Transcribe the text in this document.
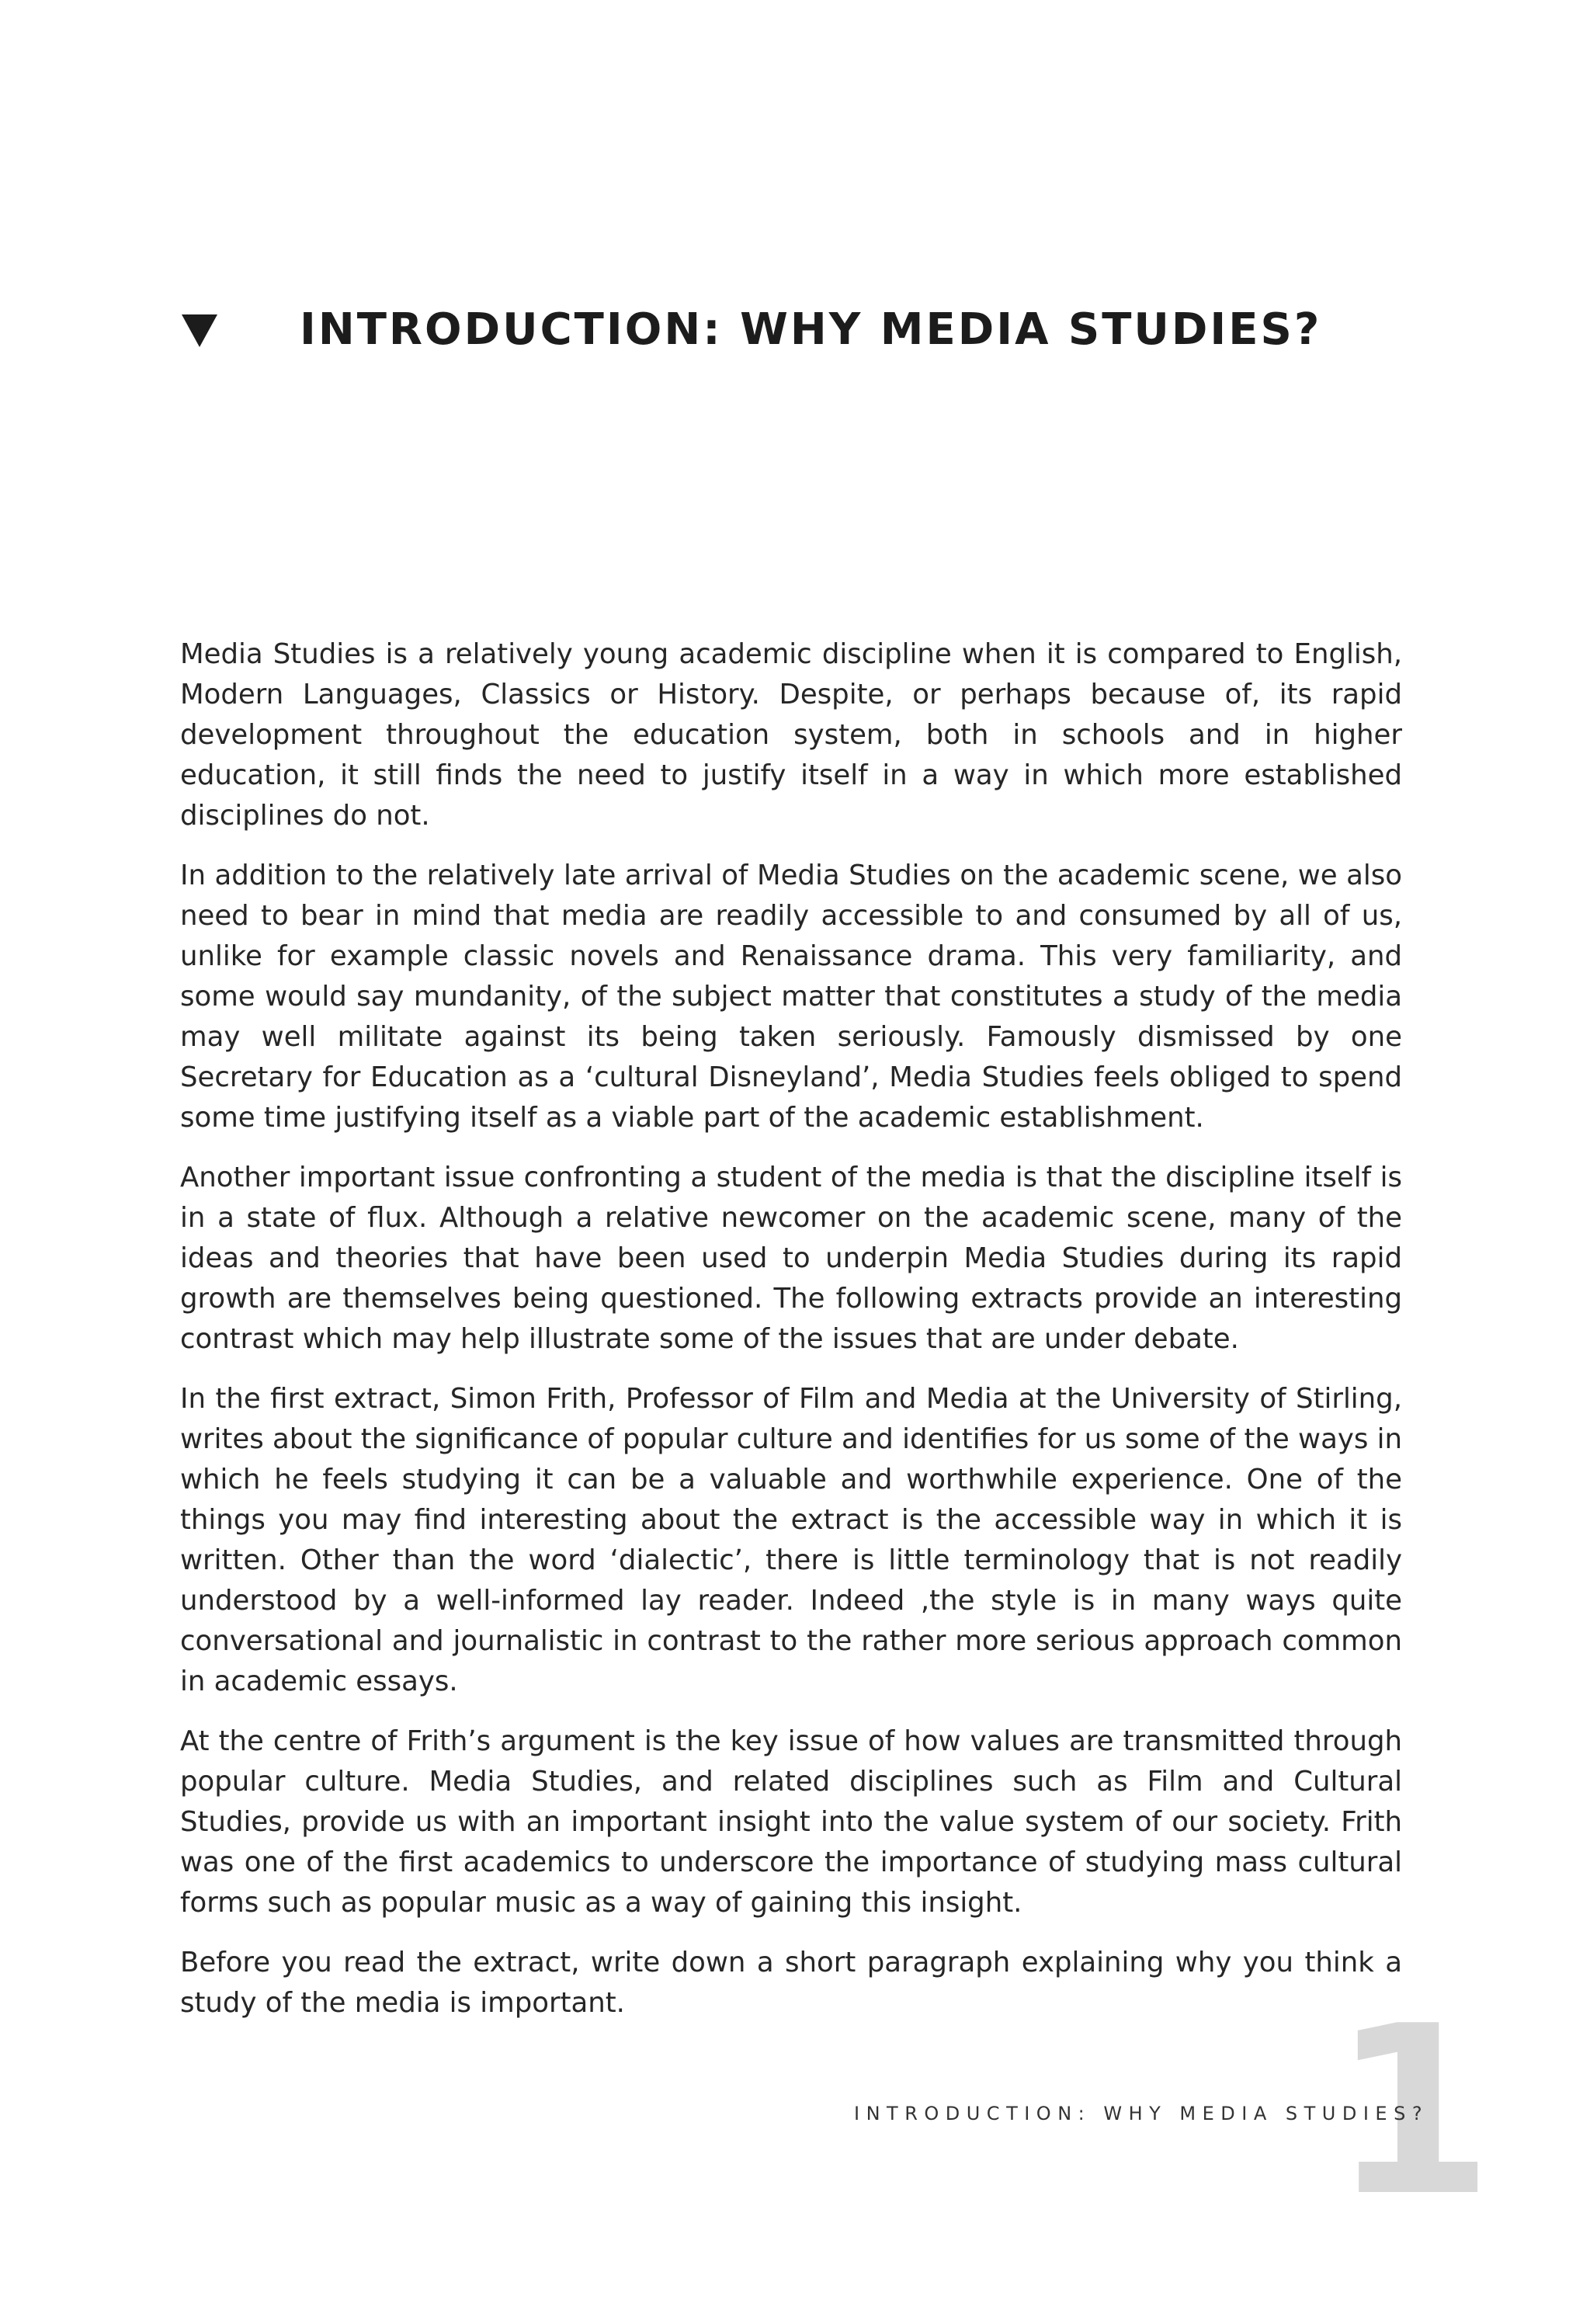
INTRODUCTION: WHY MEDIA STUDIES?

Media Studies is a relatively young academic discipline when it is compared to English, Modern Languages, Classics or History. Despite, or perhaps because of, its rapid development throughout the education system, both in schools and in higher education, it still finds the need to justify itself in a way in which more established disciplines do not.

In addition to the relatively late arrival of Media Studies on the academic scene, we also need to bear in mind that media are readily accessible to and consumed by all of us, unlike for example classic novels and Renaissance drama. This very familiarity, and some would say mundanity, of the subject matter that constitutes a study of the media may well militate against its being taken seriously. Famously dismissed by one Secretary for Education as a ‘cultural Disneyland’, Media Studies feels obliged to spend some time justifying itself as a viable part of the academic establishment.

Another important issue confronting a student of the media is that the discipline itself is in a state of flux. Although a relative newcomer on the academic scene, many of the ideas and theories that have been used to underpin Media Studies during its rapid growth are themselves being questioned. The following extracts provide an interesting contrast which may help illustrate some of the issues that are under debate.

In the first extract, Simon Frith, Professor of Film and Media at the University of Stirling, writes about the significance of popular culture and identifies for us some of the ways in which he feels studying it can be a valuable and worthwhile experience. One of the things you may find interesting about the extract is the accessible way in which it is written. Other than the word ‘dialectic’, there is little terminology that is not readily understood by a well-informed lay reader. Indeed ,the style is in many ways quite conversational and journalistic in contrast to the rather more serious approach common in academic essays.

At the centre of Frith’s argument is the key issue of how values are transmitted through popular culture. Media Studies, and related disciplines such as Film and Cultural Studies, provide us with an important insight into the value system of our society. Frith was one of the first academics to underscore the importance of studying mass cultural forms such as popular music as a way of gaining this insight.

Before you read the extract, write down a short paragraph explaining why you think a study of the media is important.	1
INTRODUCTION: WHY MEDIA STUDIES?
